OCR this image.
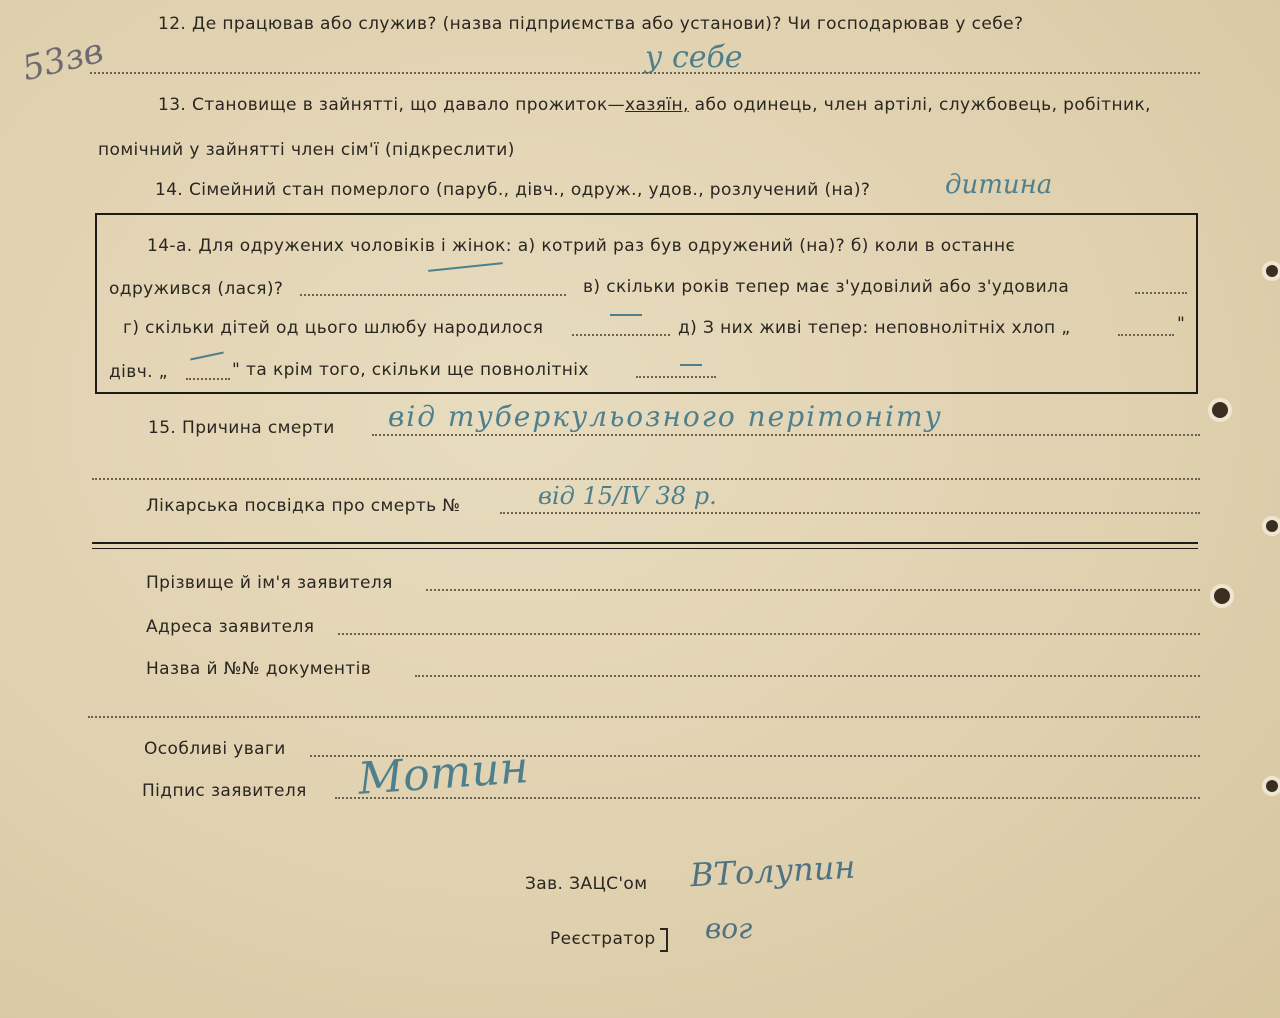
53зв
12. Де працював або служив? (назва підприємства або установи)? Чи господарював у себе?
у себе
13. Становище в зайнятті, що давало прожиток—хазяїн, або одинець, член артілі, службовець, робітник,
помічний у зайнятті член сім'ї (підкреслити)
14. Сімейний стан померлого (паруб., дівч., одруж., удов., розлучений (на)?	дитина
14-а. Для одружених чоловіків і жінок: а) котрий раз був одружений (на)? б) коли в останнє
одружився (лася)?	в) скільки років тепер має з'удовілий або з'удовила
г) скільки дітей од цього шлюбу народилося	д) З них живі тепер: неповнолітніх хлоп „	"
дівч. „	" та крім того, скільки ще повнолітніх
15. Причина смерти від туберкульозного перітоніту
Лікарська посвідка про смерть №	від 15/IV 38 р.
Прізвище й ім'я заявителя
Адреса заявителя
Назва й №№ документів
Особливі уваги
Підпис заявителя Мотин
Зав. ЗАЦС'ом ВТолупин
Реєстратор вог
